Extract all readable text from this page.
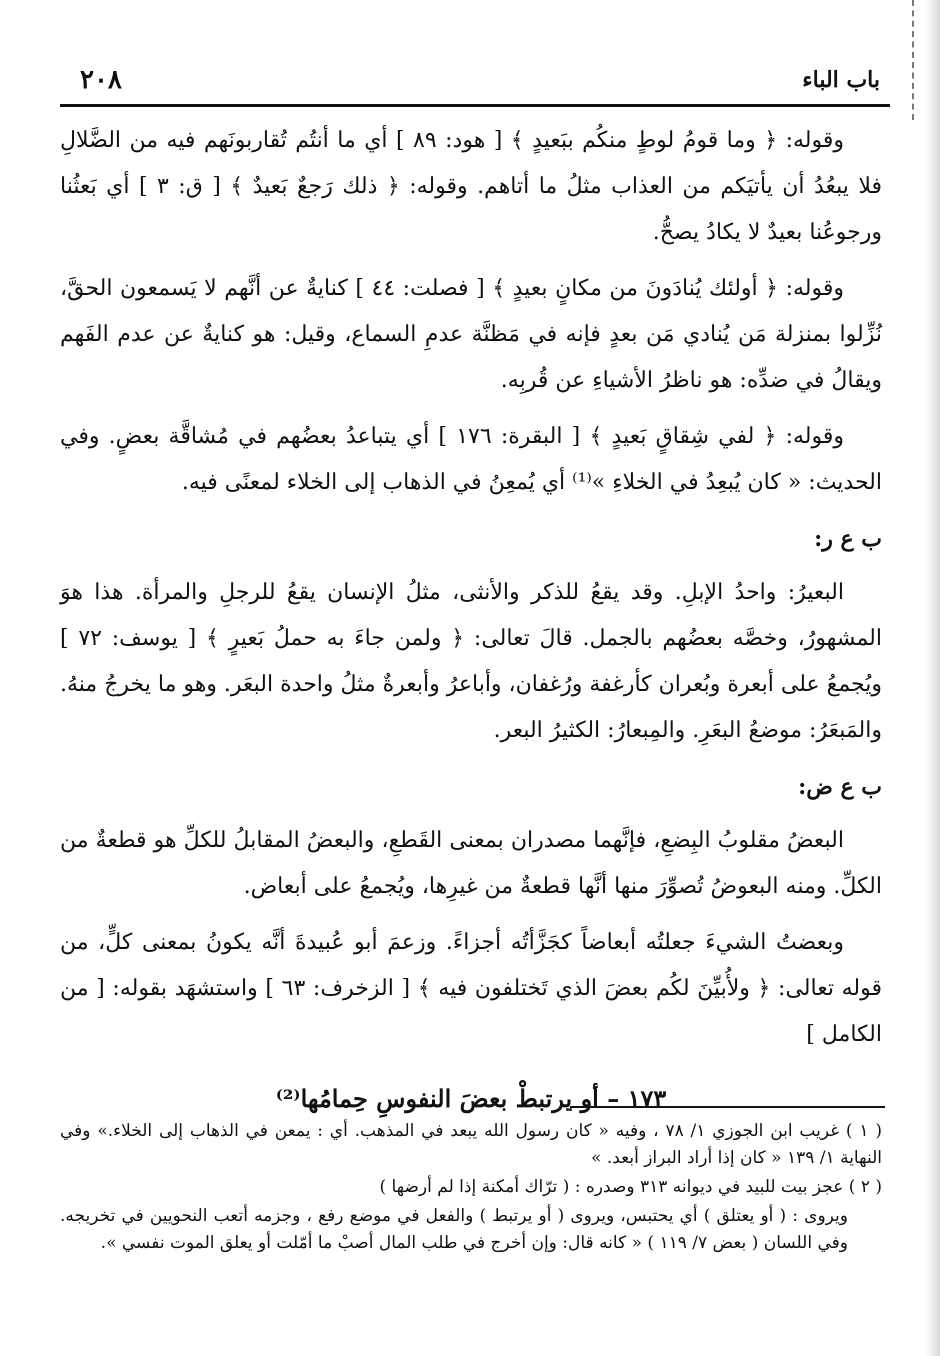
٢٠٨	باب الباء

وقوله: ﴿ وما قومُ لوطٍ منكُم ببَعيدٍ ﴾ [ هود: ٨٩ ] أي ما أنتُم تُقاربونَهم فيه من الضَّلالِ فلا يبعُدُ أن يأتيَكم من العذاب مثلُ ما أتاهم. وقوله: ﴿ ذلك رَجعٌ بَعيدٌ ﴾ [ ق: ٣ ] أي بَعثُنا ورجوعُنا بعيدٌ لا يكادُ يصحُّ.

وقوله: ﴿ أولئك يُنادَونَ من مكانٍ بعيدٍ ﴾ [ فصلت: ٤٤ ] كنايةٌ عن أنَّهم لا يَسمعون الحقَّ، نُزِّلوا بمنزلة مَن يُنادي مَن بعدٍ فإنه في مَظنَّة عدمِ السماع، وقيل: هو كنايةٌ عن عدم الفَهم ويقالُ في ضدِّه: هو ناظرُ الأشياءِ عن قُربِه.

وقوله: ﴿ لفي شِقاقٍ بَعيدٍ ﴾ [ البقرة: ١٧٦ ] أي يتباعدُ بعضُهم في مُشاقَّة بعضٍ. وفي الحديث: « كان يُبعِدُ في الخلاءِ »⁽¹⁾ أي يُمعِنُ في الذهاب إلى الخلاء لمعنًى فيه.

ب ع ر:

البعيرُ: واحدُ الإبلِ. وقد يقعُ للذكر والأنثى، مثلُ الإنسان يقعُ للرجلِ والمرأة. هذا هوَ المشهورُ، وخصَّه بعضُهم بالجمل. قالَ تعالى: ﴿ ولمن جاءَ به حملُ بَعيرٍ ﴾ [ يوسف: ٧٢ ] ويُجمعُ على أبعرة وبُعران كأرغفة ورُغفان، وأباعرُ وأبعرةٌ مثلُ واحدة البعَر. وهو ما يخرجُ منهُ. والمَبعَرُ: موضعُ البعَرِ. والمِبعارُ: الكثيرُ البعر.

ب ع ض:

البعضُ مقلوبُ البِضعِ، فإنَّهما مصدران بمعنى القَطعِ، والبعضُ المقابلُ للكلِّ هو قطعةٌ من الكلِّ. ومنه البعوضُ تُصوِّرَ منها أنَّها قطعةٌ من غيرِها، ويُجمعُ على أبعاض.

وبعضتُ الشيءَ جعلتُه أبعاضاً كجَزَّأتُه أجزاءً. وزعمَ أبو عُبيدةَ أنَّه يكونُ بمعنى كلٍّ، من قوله تعالى: ﴿ ولأُبيِّنَ لكُم بعضَ الذي تَختلفون فيه ﴾ [ الزخرف: ٦٣ ] واستشهَد بقوله: [ من الكامل ]

١٧٣ – أو يرتبطْ بعضَ النفوسِ حِمامُها⁽²⁾

( ١ ) غريب ابن الجوزي ١/ ٧٨ ، وفيه « كان رسول الله يبعد في المذهب. أي : يمعن في الذهاب إلى الخلاء.» وفي النهاية ١/ ١٣٩ « كان إذا أراد البراز أبعد. »

( ٢ ) عجز بيت للبيد في ديوانه ٣١٣ وصدره : ( ترّاك أمكنة إذا لم أرضها )

ويروى : ( أو يعتلق ) أي يحتبس، ويروى ( أو يرتبط ) والفعل في موضع رفع ، وجزمه أتعب النحويين في تخريجه. وفي اللسان ( بعض ٧/ ١١٩ ) « كانه قال: وإن أخرج في طلب المال أصبْ ما أمّلت أو يعلق الموت نفسي ».
